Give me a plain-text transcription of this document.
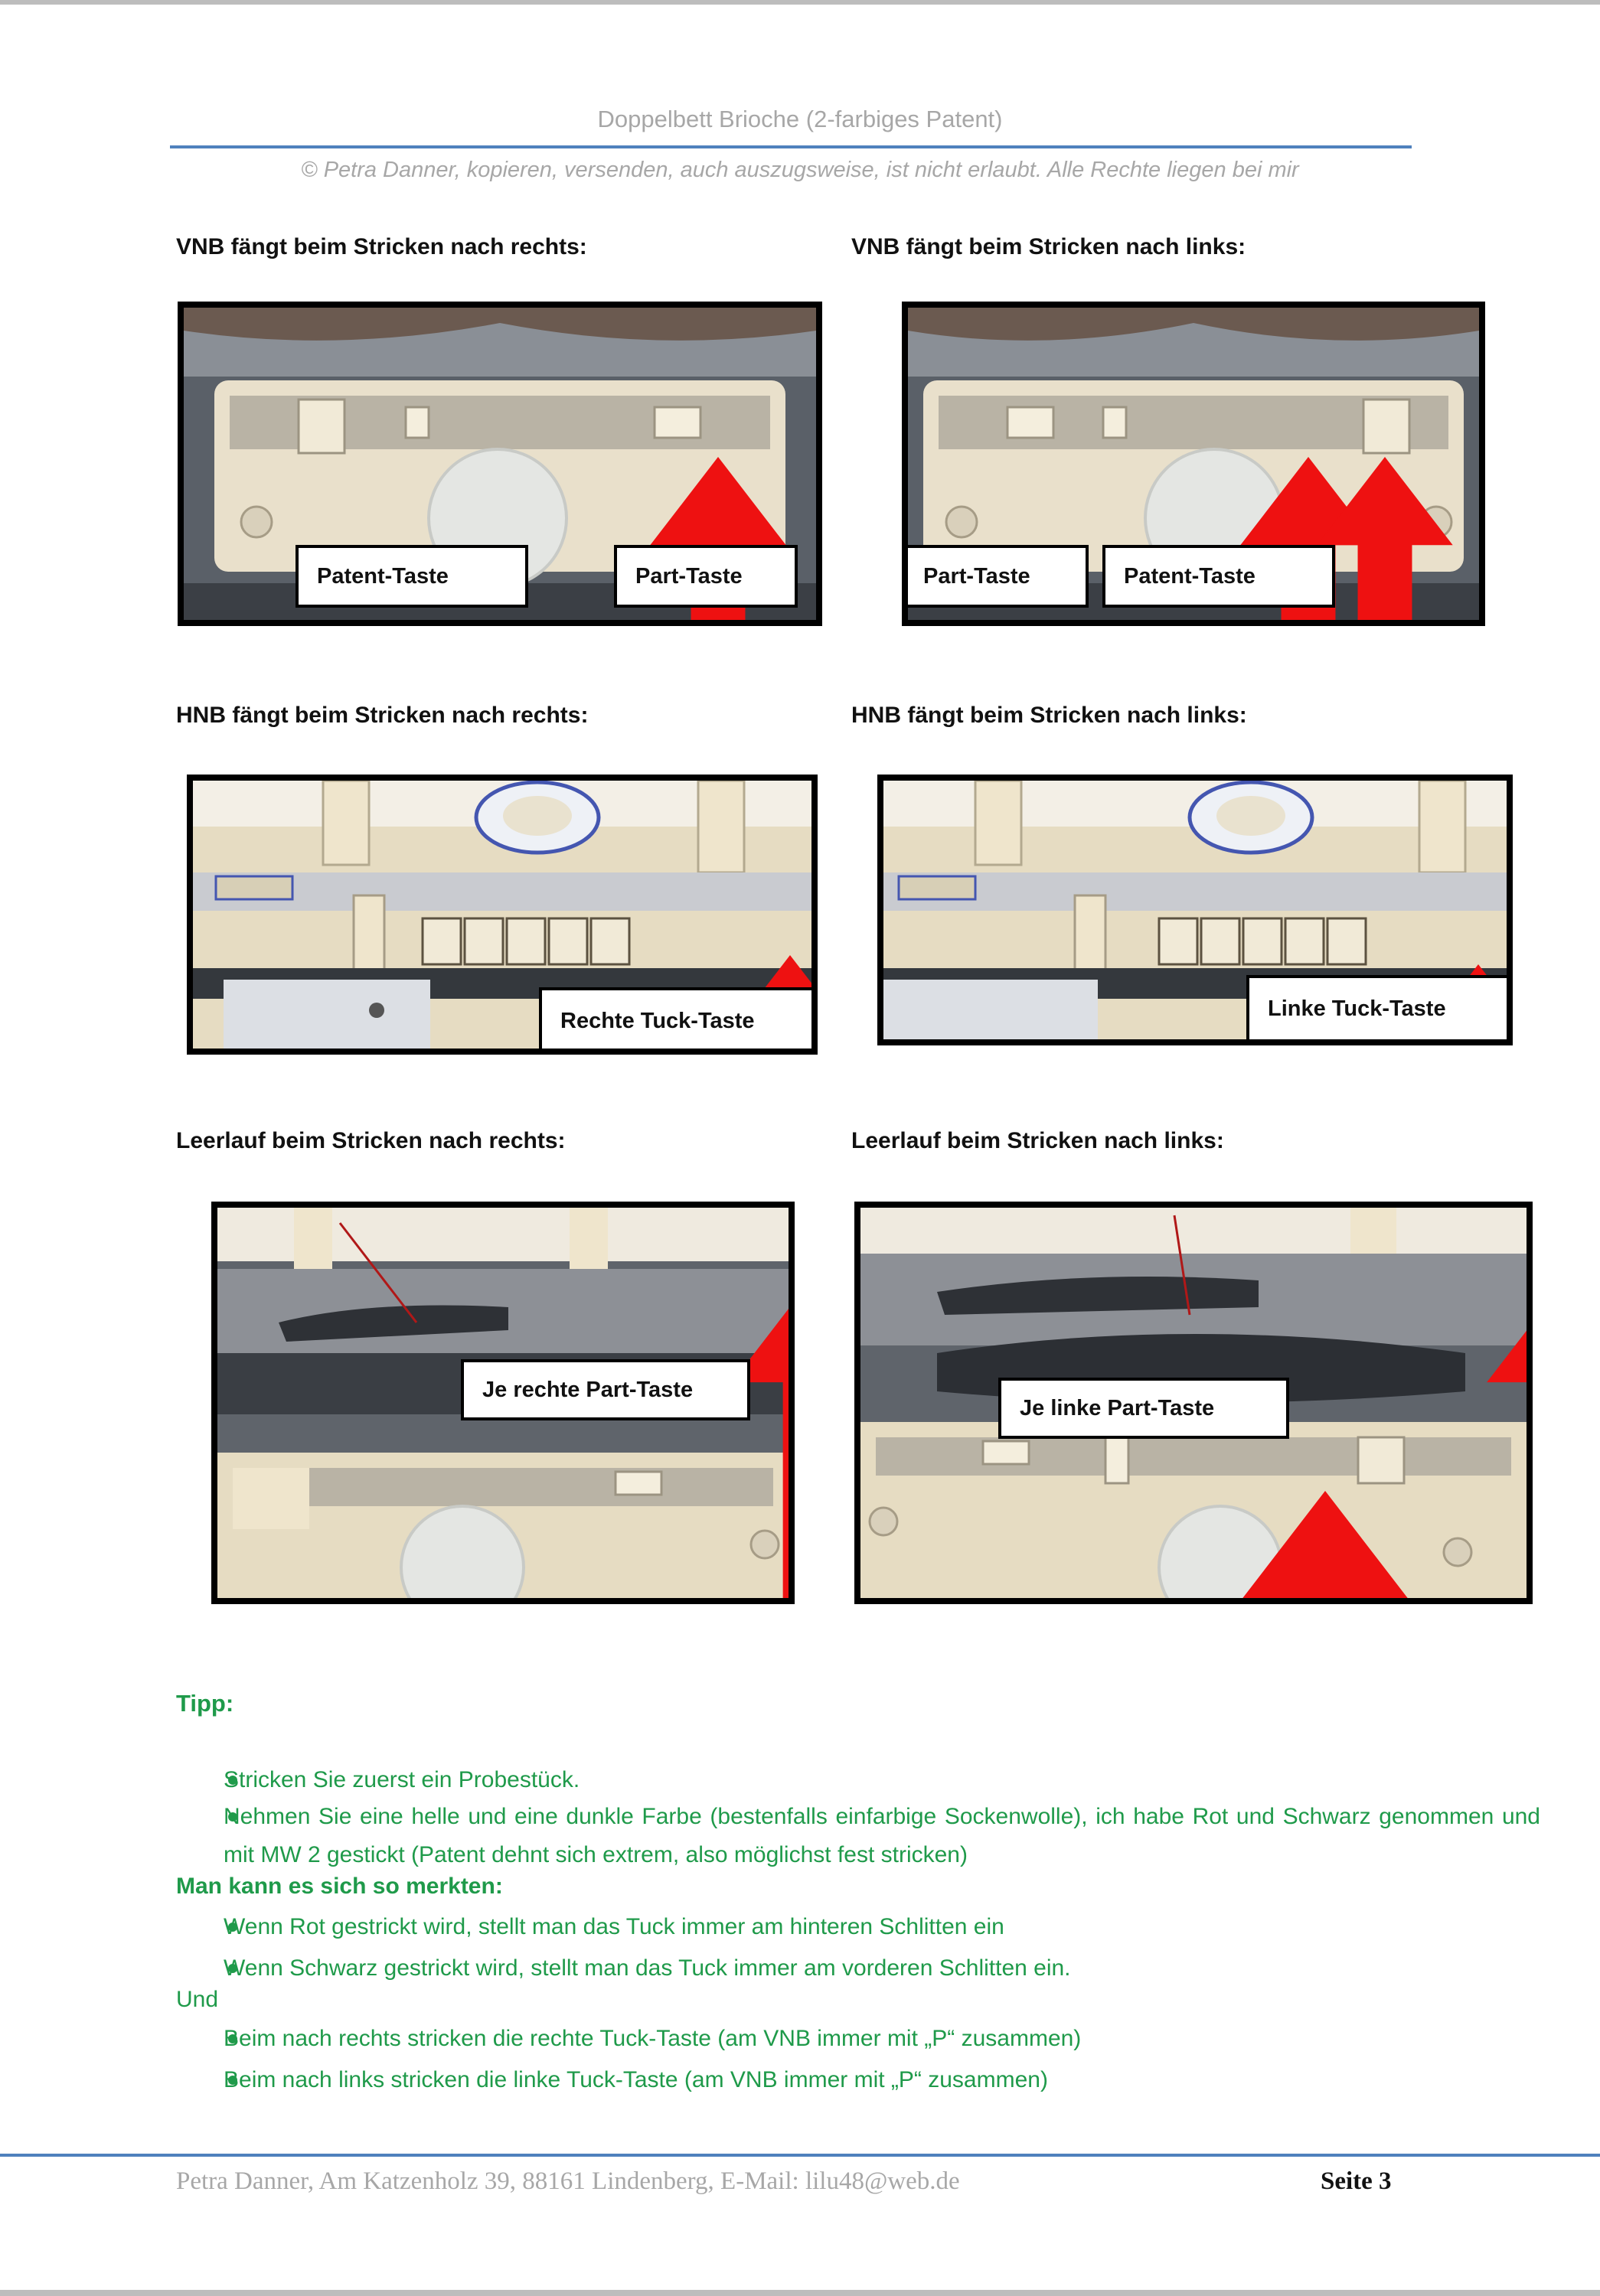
Doppelbett Brioche (2-farbiges Patent)
© Petra Danner, kopieren, versenden, auch auszugsweise, ist nicht erlaubt. Alle Rechte liegen bei mir
VNB fängt beim Stricken nach rechts:	VNB fängt beim Stricken nach links:
Patent-Taste	Part-Taste	Part-Taste	Patent-Taste
HNB fängt beim Stricken nach rechts:	HNB fängt beim Stricken nach links:
Rechte Tuck-Taste	Linke Tuck-Taste
Leerlauf beim Stricken nach rechts:	Leerlauf beim Stricken nach links:
Je rechte Part-Taste
Je linke Part-Taste
Tipp:
Stricken Sie zuerst ein Probestück.
Nehmen Sie eine helle und eine dunkle Farbe (bestenfalls einfarbige Sockenwolle), ich habe Rot und Schwarz genommen und mit MW 2 gestickt (Patent dehnt sich extrem, also möglichst fest stricken)
Man kann es sich so merkten:
Wenn Rot gestrickt wird, stellt man das Tuck immer am hinteren Schlitten ein
Wenn Schwarz gestrickt wird, stellt man das Tuck immer am vorderen Schlitten ein.
Und
Beim nach rechts stricken die rechte Tuck-Taste (am VNB immer mit „P“ zusammen)
Beim nach links stricken die linke Tuck-Taste (am VNB immer mit „P“ zusammen)
Petra Danner, Am Katzenholz 39, 88161 Lindenberg, E-Mail: lilu48@web.de	Seite 3
